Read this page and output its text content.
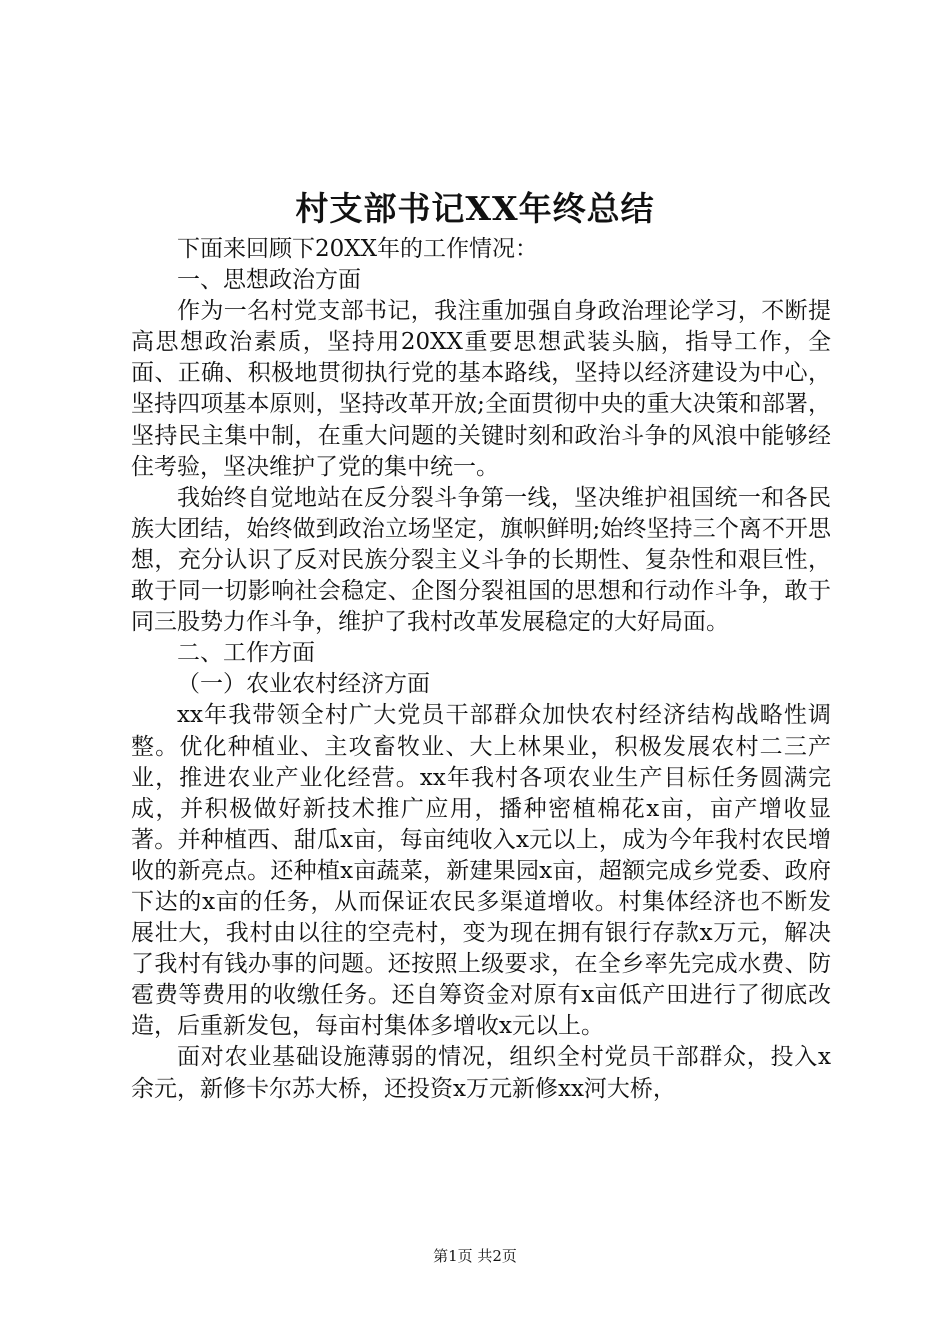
村支部书记XX年终总结

下面来回顾下20XX年的工作情况：

一、思想政治方面

作为一名村党支部书记，我注重加强自身政治理论学习，不断提高思想政治素质，坚持用20XX重要思想武装头脑，指导工作，全面、正确、积极地贯彻执行党的基本路线，坚持以经济建设为中心，坚持四项基本原则，坚持改革开放;全面贯彻中央的重大决策和部署，坚持民主集中制，在重大问题的关键时刻和政治斗争的风浪中能够经住考验，坚决维护了党的集中统一。

我始终自觉地站在反分裂斗争第一线，坚决维护祖国统一和各民族大团结，始终做到政治立场坚定，旗帜鲜明;始终坚持三个离不开思想，充分认识了反对民族分裂主义斗争的长期性、复杂性和艰巨性，敢于同一切影响社会稳定、企图分裂祖国的思想和行动作斗争，敢于同三股势力作斗争，维护了我村改革发展稳定的大好局面。

二、工作方面

（一）农业农村经济方面

xx年我带领全村广大党员干部群众加快农村经济结构战略性调整。优化种植业、主攻畜牧业、大上林果业，积极发展农村二三产业，推进农业产业化经营。xx年我村各项农业生产目标任务圆满完成，并积极做好新技术推广应用，播种密植棉花x亩，亩产增收显著。并种植西、甜瓜x亩，每亩纯收入x元以上，成为今年我村农民增收的新亮点。还种植x亩蔬菜，新建果园x亩，超额完成乡党委、政府下达的x亩的任务，从而保证农民多渠道增收。村集体经济也不断发展壮大，我村由以往的空壳村，变为现在拥有银行存款x万元，解决了我村有钱办事的问题。还按照上级要求，在全乡率先完成水费、防雹费等费用的收缴任务。还自筹资金对原有x亩低产田进行了彻底改造，后重新发包，每亩村集体多增收x元以上。

面对农业基础设施薄弱的情况，组织全村党员干部群众，投入x余元，新修卡尔苏大桥，还投资x万元新修xx河大桥，

第1页 共2页
